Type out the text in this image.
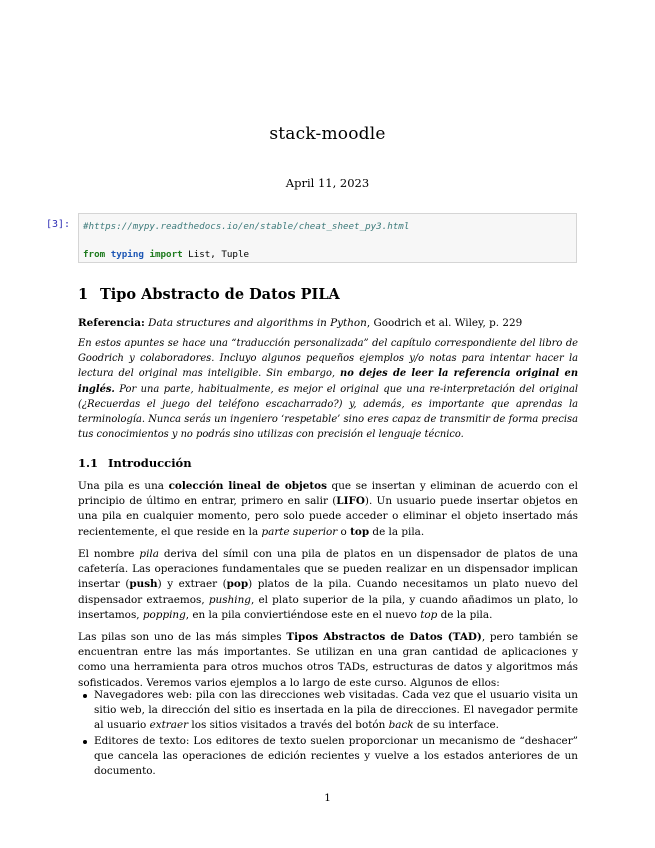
stack-moodle
April 11, 2023
[3]: #https://mypy.readthedocs.io/en/stable/cheat_sheet_py3.html
from typing import List, Tuple
1 Tipo Abstracto de Datos PILA
Referencia: Data structures and algorithms in Python, Goodrich et al. Wiley, p. 229
En estos apuntes se hace una “traducción personalizada” del capítulo correspondiente del libro de Goodrich y colaboradores. Incluyo algunos pequeños ejemplos y/o notas para intentar hacer la lectura del original mas inteligible. Sin embargo, no dejes de leer la referencia original en inglés. Por una parte, habitualmente, es mejor el original que una re-interpretación del original (¿Recuerdas el juego del teléfono escacharrado?) y, además, es importante que aprendas la terminología. Nunca serás un ingeniero ‘respetable’ sino eres capaz de transmitir de forma precisa tus conocimientos y no podrás sino utilizas con precisión el lenguaje técnico.
1.1 Introducción
Una pila es una colección lineal de objetos que se insertan y eliminan de acuerdo con el principio de último en entrar, primero en salir (LIFO). Un usuario puede insertar objetos en una pila en cualquier momento, pero solo puede acceder o eliminar el objeto insertado más recientemente, el que reside en la parte superior o top de la pila.
El nombre pila deriva del símil con una pila de platos en un dispensador de platos de una cafetería. Las operaciones fundamentales que se pueden realizar en un dispensador implican insertar (push) y extraer (pop) platos de la pila. Cuando necesitamos un plato nuevo del dispensador extraemos, pushing, el plato superior de la pila, y cuando añadimos un plato, lo insertamos, popping, en la pila conviertiéndose este en el nuevo top de la pila.
Las pilas son uno de las más simples Tipos Abstractos de Datos (TAD), pero también se encuentran entre las más importantes. Se utilizan en una gran cantidad de aplicaciones y como una herramienta para otros muchos otros TADs, estructuras de datos y algoritmos más sofisticados. Veremos varios ejemplos a lo largo de este curso. Algunos de ellos:
Navegadores web: pila con las direcciones web visitadas. Cada vez que el usuario visita un sitio web, la dirección del sitio es insertada en la pila de direcciones. El navegador permite al usuario extraer los sitios visitados a través del botón back de su interface.
Editores de texto: Los editores de texto suelen proporcionar un mecanismo de “deshacer” que cancela las operaciones de edición recientes y vuelve a los estados anteriores de un documento.
1
